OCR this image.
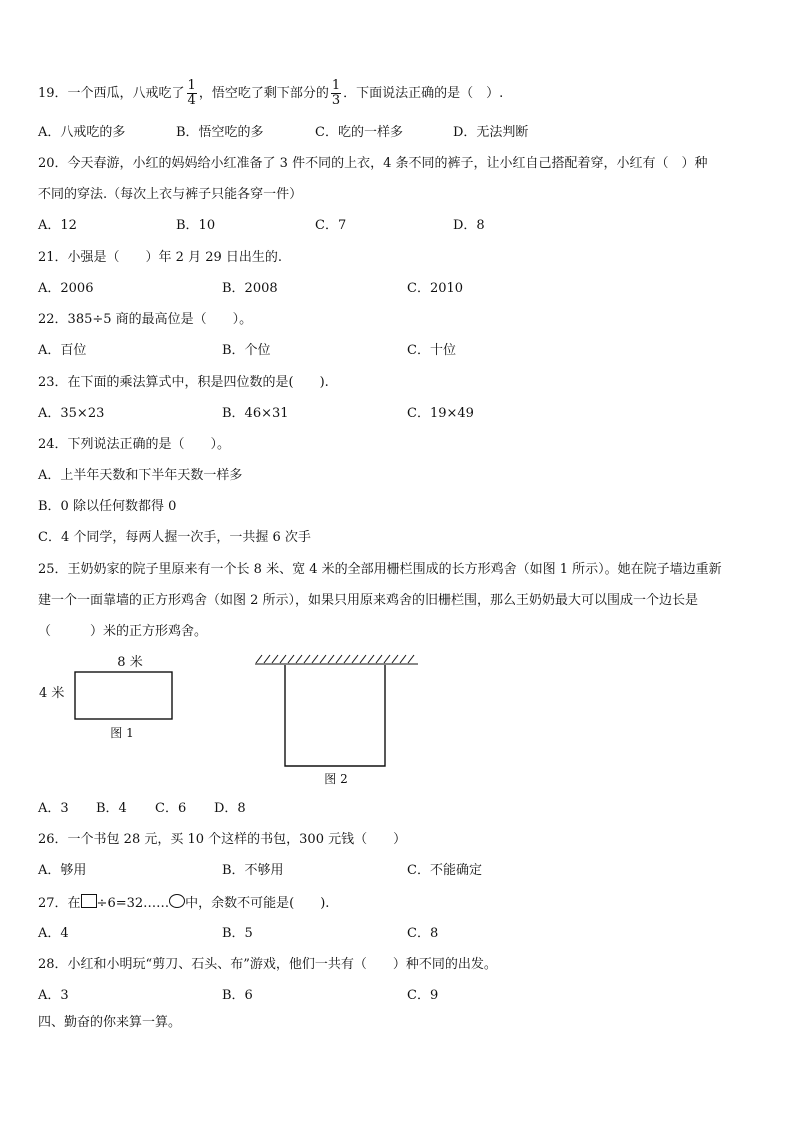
19．一个西瓜，八戒吃了 $\frac{1}{4}$ ，悟空吃了剩下部分的 $\frac{1}{3}$ ．下面说法正确的是（　）.
A．八戒吃的多	B．悟空吃的多	C．吃的一样多	D．无法判断
20．今天春游，小红的妈妈给小红准备了 3 件不同的上衣，4 条不同的裤子，让小红自己搭配着穿，小红有（　）种
不同的穿法.（每次上衣与裤子只能各穿一件）
A．12	B．10	C．7	D．8
21．小强是（　　）年 2 月 29 日出生的.
A．2006	B．2008	C．2010
22．385÷5 商的最高位是（　　）。
A．百位	B．个位	C．十位
23．在下面的乘法算式中，积是四位数的是(　　).
A．35×23	B．46×31	C．19×49
24．下列说法正确的是（　　）。
A．上半年天数和下半年天数一样多
B．0 除以任何数都得 0
C．4 个同学，每两人握一次手，一共握 6 次手
25．王奶奶家的院子里原来有一个长 8 米、宽 4 米的全部用栅栏围成的长方形鸡舍（如图 1 所示）。她在院子墙边重新
建一个一面靠墙的正方形鸡舍（如图 2 所示），如果只用原来鸡舍的旧栅栏围，那么王奶奶最大可以围成一个边长是
（　　　）米的正方形鸡舍。
8 米
4 米
图 1
图 2
A．3 B．4 C．6 D．8
26．一个书包 28 元，买 10 个这样的书包，300 元钱（　　）
A．够用	B．不够用	C．不能确定
27．在 ÷6=32…… 中，余数不可能是(　　).
A．4	B．5	C．8
28．小红和小明玩“剪刀、石头、布”游戏，他们一共有（　　）种不同的出发。
A．3	B．6	C．9
四、勤奋的你来算一算。
